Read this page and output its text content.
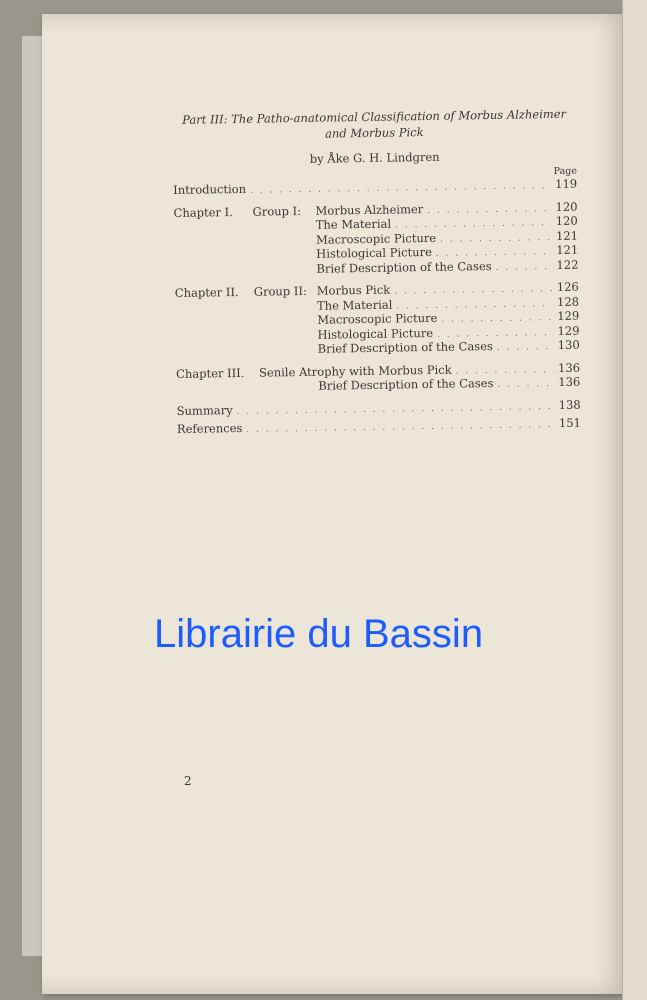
Part III: The Patho-anatomical Classification of Morbus Alzheimer
and Morbus Pick
by Åke G. H. Lindgren
Page
Introduction . . .	119
Chapter I.	Group I:	Morbus Alzheimer . . .	120
The Material . . .	120
Macroscopic Picture . . .	121
Histological Picture . . .	121
Brief Description of the Cases . . .	122
Chapter II.	Group II: Morbus Pick . . .	126
The Material . . .	128
Macroscopic Picture . . .	129
Histological Picture . . .	129
Brief Description of the Cases . . .	130
Chapter III.	Senile Atrophy with Morbus Pick . . .	136
Brief Description of the Cases . . .	136
Summary . . .	138
References . . .	151
Librairie du Bassin
2
